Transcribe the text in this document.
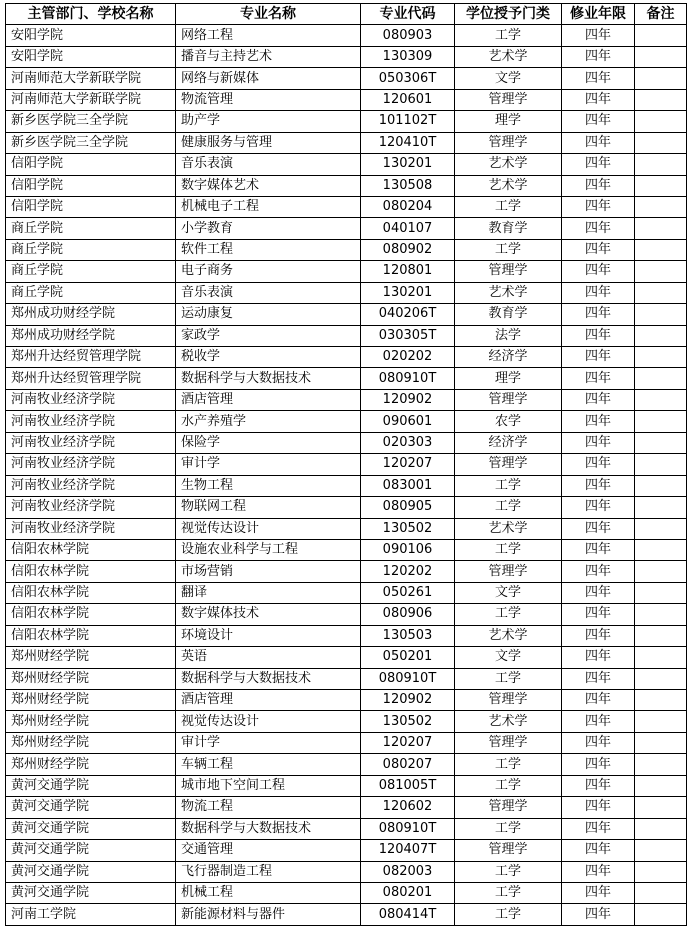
主管部门、学校名称	专业名称	专业代码	学位授予门类	修业年限	备注
安阳学院	网络工程	080903	工学	四年	
安阳学院	播音与主持艺术	130309	艺术学	四年	
河南师范大学新联学院	网络与新媒体	050306T	文学	四年	
河南师范大学新联学院	物流管理	120601	管理学	四年	
新乡医学院三全学院	助产学	101102T	理学	四年	
新乡医学院三全学院	健康服务与管理	120410T	管理学	四年	
信阳学院	音乐表演	130201	艺术学	四年	
信阳学院	数字媒体艺术	130508	艺术学	四年	
信阳学院	机械电子工程	080204	工学	四年	
商丘学院	小学教育	040107	教育学	四年	
商丘学院	软件工程	080902	工学	四年	
商丘学院	电子商务	120801	管理学	四年	
商丘学院	音乐表演	130201	艺术学	四年	
郑州成功财经学院	运动康复	040206T	教育学	四年	
郑州成功财经学院	家政学	030305T	法学	四年	
郑州升达经贸管理学院	税收学	020202	经济学	四年	
郑州升达经贸管理学院	数据科学与大数据技术	080910T	理学	四年	
河南牧业经济学院	酒店管理	120902	管理学	四年	
河南牧业经济学院	水产养殖学	090601	农学	四年	
河南牧业经济学院	保险学	020303	经济学	四年	
河南牧业经济学院	审计学	120207	管理学	四年	
河南牧业经济学院	生物工程	083001	工学	四年	
河南牧业经济学院	物联网工程	080905	工学	四年	
河南牧业经济学院	视觉传达设计	130502	艺术学	四年	
信阳农林学院	设施农业科学与工程	090106	工学	四年	
信阳农林学院	市场营销	120202	管理学	四年	
信阳农林学院	翻译	050261	文学	四年	
信阳农林学院	数字媒体技术	080906	工学	四年	
信阳农林学院	环境设计	130503	艺术学	四年	
郑州财经学院	英语	050201	文学	四年	
郑州财经学院	数据科学与大数据技术	080910T	工学	四年	
郑州财经学院	酒店管理	120902	管理学	四年	
郑州财经学院	视觉传达设计	130502	艺术学	四年	
郑州财经学院	审计学	120207	管理学	四年	
郑州财经学院	车辆工程	080207	工学	四年	
黄河交通学院	城市地下空间工程	081005T	工学	四年	
黄河交通学院	物流工程	120602	管理学	四年	
黄河交通学院	数据科学与大数据技术	080910T	工学	四年	
黄河交通学院	交通管理	120407T	管理学	四年	
黄河交通学院	飞行器制造工程	082003	工学	四年	
黄河交通学院	机械工程	080201	工学	四年	
河南工学院	新能源材料与器件	080414T	工学	四年	
